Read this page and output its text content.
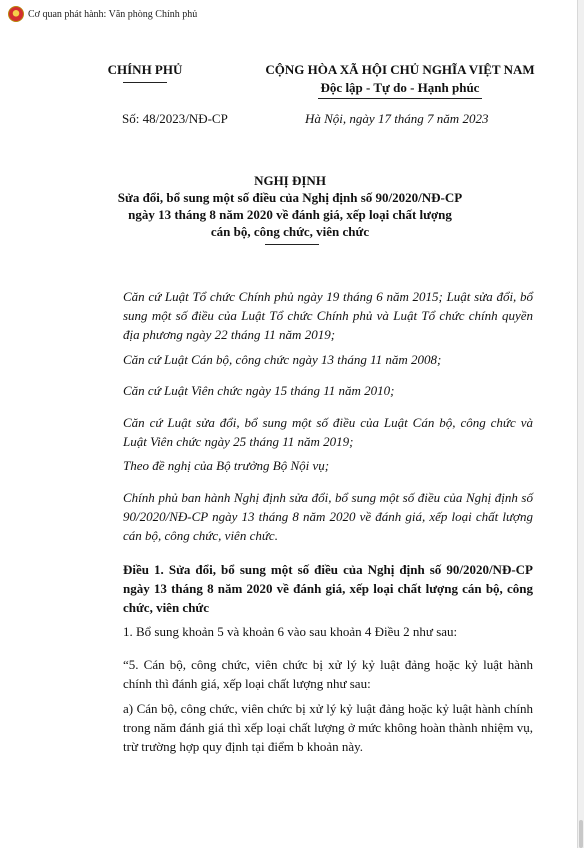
Cơ quan phát hành: Văn phòng Chính phủ
CHÍNH PHỦ	CỘNG HÒA XÃ HỘI CHỦ NGHĨA VIỆT NAM
Độc lập - Tự do - Hạnh phúc
Số: 48/2023/NĐ-CP	Hà Nội, ngày 17 tháng 7 năm 2023
NGHỊ ĐỊNH
Sửa đổi, bổ sung một số điều của Nghị định số 90/2020/NĐ-CP
ngày 13 tháng 8 năm 2020 về đánh giá, xếp loại chất lượng
cán bộ, công chức, viên chức
Căn cứ Luật Tổ chức Chính phủ ngày 19 tháng 6 năm 2015; Luật sửa đổi, bổ sung một số điều của Luật Tổ chức Chính phủ và Luật Tổ chức chính quyền địa phương ngày 22 tháng 11 năm 2019;
Căn cứ Luật Cán bộ, công chức ngày 13 tháng 11 năm 2008;
Căn cứ Luật Viên chức ngày 15 tháng 11 năm 2010;
Căn cứ Luật sửa đổi, bổ sung một số điều của Luật Cán bộ, công chức và Luật Viên chức ngày 25 tháng 11 năm 2019;
Theo đề nghị của Bộ trưởng Bộ Nội vụ;
Chính phủ ban hành Nghị định sửa đổi, bổ sung một số điều của Nghị định số 90/2020/NĐ-CP ngày 13 tháng 8 năm 2020 về đánh giá, xếp loại chất lượng cán bộ, công chức, viên chức.
Điều 1. Sửa đổi, bổ sung một số điều của Nghị định số 90/2020/NĐ-CP ngày 13 tháng 8 năm 2020 về đánh giá, xếp loại chất lượng cán bộ, công chức, viên chức
1. Bổ sung khoản 5 và khoản 6 vào sau khoản 4 Điều 2 như sau:
“5. Cán bộ, công chức, viên chức bị xử lý kỷ luật đảng hoặc kỷ luật hành chính thì đánh giá, xếp loại chất lượng như sau:
a) Cán bộ, công chức, viên chức bị xử lý kỷ luật đảng hoặc kỷ luật hành chính trong năm đánh giá thì xếp loại chất lượng ở mức không hoàn thành nhiệm vụ, trừ trường hợp quy định tại điểm b khoản này.
